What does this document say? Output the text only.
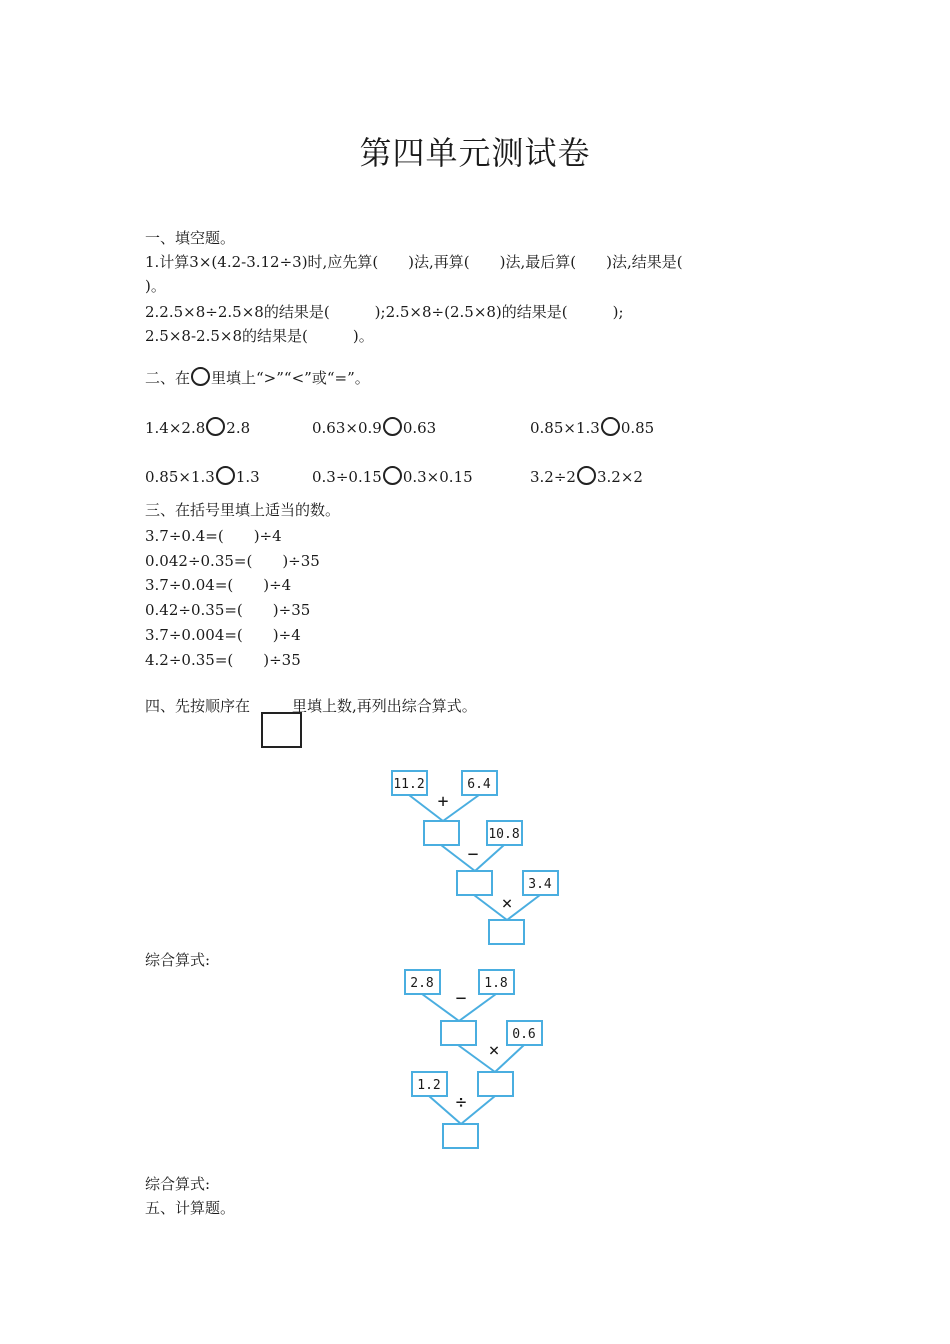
第四单元测试卷
一、填空题。
1.计算3×(4.2-3.12÷3)时,应先算(　　)法,再算(　　)法,最后算(　　)法,结果是(
)。
2.2.5×8÷2.5×8的结果是(　　　);2.5×8÷(2.5×8)的结果是(　　　);
2.5×8-2.5×8的结果是(　　　)。
二、在 里填上“>”“<”或“=”。
1.4×2.8 2.8	0.63×0.9 0.63	0.85×1.3 0.85
0.85×1.3 1.3	0.3÷0.15 0.3×0.15	3.2÷2 3.2×2
三、在括号里填上适当的数。
3.7÷0.4=(　　)÷4
0.042÷0.35=(　　)÷35
3.7÷0.04=(　　)÷4
0.42÷0.35=(　　)÷35
3.7÷0.004=(　　)÷4
4.2÷0.35=(　　)÷35
四、先按顺序在	里填上数,再列出综合算式。
11.2	6.4
10.8
3.4
+
−
×
综合算式:
2.8	1.8
0.6
1.2
−
×
÷
综合算式:
五、计算题。
